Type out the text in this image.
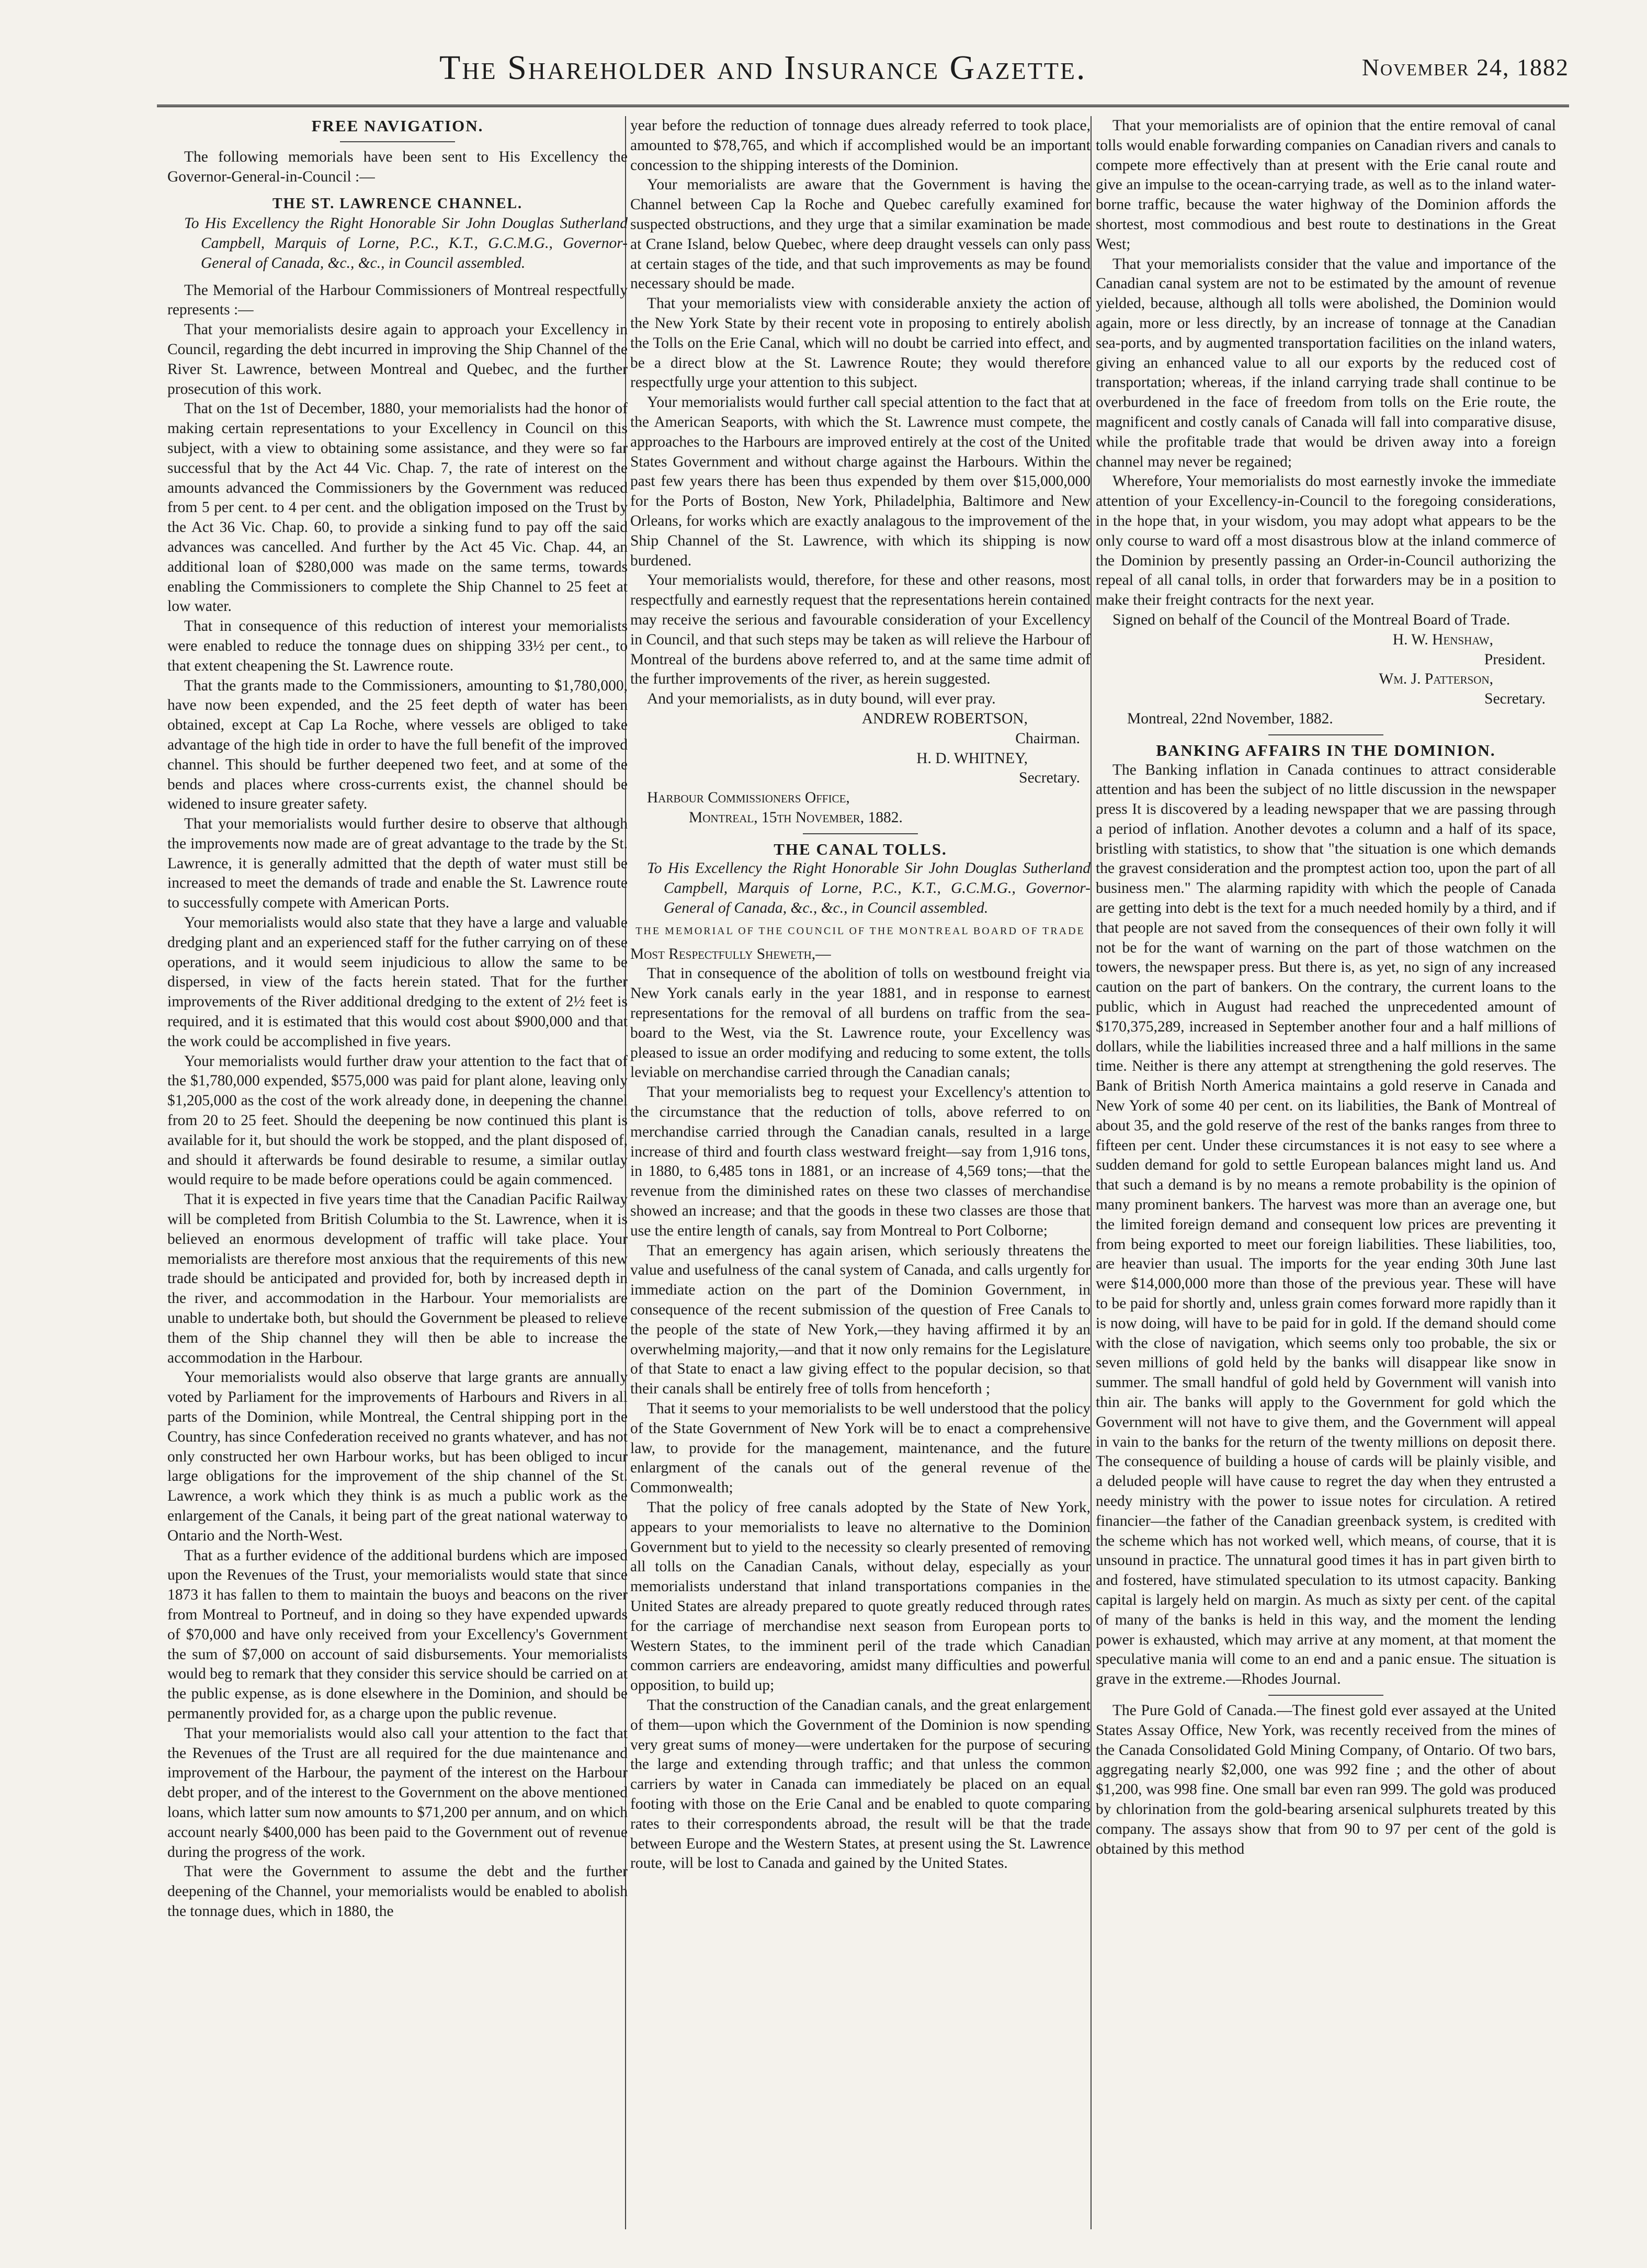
The Shareholder and Insurance Gazette.	November 24, 1882
FREE NAVIGATION.

The following memorials have been sent to His Excellency the Governor-General-in-Council :—

THE ST. LAWRENCE CHANNEL.

To His Excellency the Right Honorable Sir John Douglas Sutherland Campbell, Marquis of Lorne, P.C., K.T., G.C.M.G., Governor-General of Canada, &c., &c., in Council assembled.

The Memorial of the Harbour Commissioners of Montreal respectfully represents :—

That your memorialists desire again to approach your Excellency in Council, regarding the debt incurred in improving the Ship Channel of the River St. Lawrence, between Montreal and Quebec, and the further prosecution of this work.

That on the 1st of December, 1880, your memorialists had the honor of making certain representations to your Excellency in Council on this subject, with a view to obtaining some assistance, and they were so far successful that by the Act 44 Vic. Chap. 7, the rate of interest on the amounts advanced the Commissioners by the Government was reduced from 5 per cent. to 4 per cent. and the obligation imposed on the Trust by the Act 36 Vic. Chap. 60, to provide a sinking fund to pay off the said advances was cancelled. And further by the Act 45 Vic. Chap. 44, an additional loan of $280,000 was made on the same terms, towards enabling the Commissioners to complete the Ship Channel to 25 feet at low water.

That in consequence of this reduction of interest your memorialists were enabled to reduce the tonnage dues on shipping 33½ per cent., to that extent cheapening the St. Lawrence route.

That the grants made to the Commissioners, amounting to $1,780,000, have now been expended, and the 25 feet depth of water has been obtained, except at Cap La Roche, where vessels are obliged to take advantage of the high tide in order to have the full benefit of the improved channel. This should be further deepened two feet, and at some of the bends and places where cross-currents exist, the channel should be widened to insure greater safety.

That your memorialists would further desire to observe that although the improvements now made are of great advantage to the trade by the St. Lawrence, it is generally admitted that the depth of water must still be increased to meet the demands of trade and enable the St. Lawrence route to successfully compete with American Ports.

Your memorialists would also state that they have a large and valuable dredging plant and an experienced staff for the futher carrying on of these operations, and it would seem injudicious to allow the same to be dispersed, in view of the facts herein stated. That for the further improvements of the River additional dredging to the extent of 2½ feet is required, and it is estimated that this would cost about $900,000 and that the work could be accomplished in five years.

Your memorialists would further draw your attention to the fact that of the $1,780,000 expended, $575,000 was paid for plant alone, leaving only $1,205,000 as the cost of the work already done, in deepening the channel from 20 to 25 feet. Should the deepening be now continued this plant is available for it, but should the work be stopped, and the plant disposed of, and should it afterwards be found desirable to resume, a similar outlay would require to be made before operations could be again commenced.

That it is expected in five years time that the Canadian Pacific Railway will be completed from British Columbia to the St. Lawrence, when it is believed an enormous development of traffic will take place. Your memorialists are therefore most anxious that the requirements of this new trade should be anticipated and provided for, both by increased depth in the river, and accommodation in the Harbour. Your memorialists are unable to undertake both, but should the Government be pleased to relieve them of the Ship channel they will then be able to increase the accommodation in the Harbour.

Your memorialists would also observe that large grants are annually voted by Parliament for the improvements of Harbours and Rivers in all parts of the Dominion, while Montreal, the Central shipping port in the Country, has since Confederation received no grants whatever, and has not only constructed her own Harbour works, but has been obliged to incur large obligations for the improvement of the ship channel of the St. Lawrence, a work which they think is as much a public work as the enlargement of the Canals, it being part of the great national waterway to Ontario and the North-West.

That as a further evidence of the additional burdens which are imposed upon the Revenues of the Trust, your memorialists would state that since 1873 it has fallen to them to maintain the buoys and beacons on the river from Montreal to Portneuf, and in doing so they have expended upwards of $70,000 and have only received from your Excellency's Government the sum of $7,000 on account of said disbursements. Your memorialists would beg to remark that they consider this service should be carried on at the public expense, as is done elsewhere in the Dominion, and should be permanently provided for, as a charge upon the public revenue.

That your memorialists would also call your attention to the fact that the Revenues of the Trust are all required for the due maintenance and improvement of the Harbour, the payment of the interest on the Harbour debt proper, and of the interest to the Government on the above mentioned loans, which latter sum now amounts to $71,200 per annum, and on which account nearly $400,000 has been paid to the Government out of revenue during the progress of the work.

That were the Government to assume the debt and the further deepening of the Channel, your memorialists would be enabled to abolish the tonnage dues, which in 1880, the

year before the reduction of tonnage dues already referred to took place, amounted to $78,765, and which if accomplished would be an important concession to the shipping interests of the Dominion.

Your memorialists are aware that the Government is having the Channel between Cap la Roche and Quebec carefully examined for suspected obstructions, and they urge that a similar examination be made at Crane Island, below Quebec, where deep draught vessels can only pass at certain stages of the tide, and that such improvements as may be found necessary should be made.

That your memorialists view with considerable anxiety the action of the New York State by their recent vote in proposing to entirely abolish the Tolls on the Erie Canal, which will no doubt be carried into effect, and be a direct blow at the St. Lawrence Route; they would therefore respectfully urge your attention to this subject.

Your memorialists would further call special attention to the fact that at the American Seaports, with which the St. Lawrence must compete, the approaches to the Harbours are improved entirely at the cost of the United States Government and without charge against the Harbours. Within the past few years there has been thus expended by them over $15,000,000 for the Ports of Boston, New York, Philadelphia, Baltimore and New Orleans, for works which are exactly analagous to the improvement of the Ship Channel of the St. Lawrence, with which its shipping is now burdened.

Your memorialists would, therefore, for these and other reasons, most respectfully and earnestly request that the representations herein contained may receive the serious and favourable consideration of your Excellency in Council, and that such steps may be taken as will relieve the Harbour of Montreal of the burdens above referred to, and at the same time admit of the further improvements of the river, as herein suggested.

And your memorialists, as in duty bound, will ever pray.

ANDREW ROBERTSON,

Chairman.

H. D. WHITNEY,

Secretary.

Harbour Commissioners Office,

Montreal, 15th November, 1882.

THE CANAL TOLLS.

To His Excellency the Right Honorable Sir John Douglas Sutherland Campbell, Marquis of Lorne, P.C., K.T., G.C.M.G., Governor-General of Canada, &c., &c., in Council assembled.

THE MEMORIAL OF THE COUNCIL OF THE MONTREAL BOARD OF TRADE

Most Respectfully Sheweth,—

That in consequence of the abolition of tolls on westbound freight via New York canals early in the year 1881, and in response to earnest representations for the removal of all burdens on traffic from the sea-board to the West, via the St. Lawrence route, your Excellency was pleased to issue an order modifying and reducing to some extent, the tolls leviable on merchandise carried through the Canadian canals;

That your memorialists beg to request your Excellency's attention to the circumstance that the reduction of tolls, above referred to on merchandise carried through the Canadian canals, resulted in a large increase of third and fourth class westward freight—say from 1,916 tons, in 1880, to 6,485 tons in 1881, or an increase of 4,569 tons;—that the revenue from the diminished rates on these two classes of merchandise showed an increase; and that the goods in these two classes are those that use the entire length of canals, say from Montreal to Port Colborne;

That an emergency has again arisen, which seriously threatens the value and usefulness of the canal system of Canada, and calls urgently for immediate action on the part of the Dominion Government, in consequence of the recent submission of the question of Free Canals to the people of the state of New York,—they having affirmed it by an overwhelming majority,—and that it now only remains for the Legislature of that State to enact a law giving effect to the popular decision, so that their canals shall be entirely free of tolls from henceforth ;

That it seems to your memorialists to be well understood that the policy of the State Government of New York will be to enact a comprehensive law, to provide for the management, maintenance, and the future enlargment of the canals out of the general revenue of the Commonwealth;

That the policy of free canals adopted by the State of New York, appears to your memorialists to leave no alternative to the Dominion Government but to yield to the necessity so clearly presented of removing all tolls on the Canadian Canals, without delay, especially as your memorialists understand that inland transportations companies in the United States are already prepared to quote greatly reduced through rates for the carriage of merchandise next season from European ports to Western States, to the imminent peril of the trade which Canadian common carriers are endeavoring, amidst many difficulties and powerful opposition, to build up;

That the construction of the Canadian canals, and the great enlargement of them—upon which the Government of the Dominion is now spending very great sums of money—were undertaken for the purpose of securing the large and extending through traffic; and that unless the common carriers by water in Canada can immediately be placed on an equal footing with those on the Erie Canal and be enabled to quote comparing rates to their correspondents abroad, the result will be that the trade between Europe and the Western States, at present using the St. Lawrence route, will be lost to Canada and gained by the United States.

That your memorialists are of opinion that the entire removal of canal tolls would enable forwarding companies on Canadian rivers and canals to compete more effectively than at present with the Erie canal route and give an impulse to the ocean-carrying trade, as well as to the inland water-borne traffic, because the water highway of the Dominion affords the shortest, most commodious and best route to destinations in the Great West;

That your memorialists consider that the value and importance of the Canadian canal system are not to be estimated by the amount of revenue yielded, because, although all tolls were abolished, the Dominion would again, more or less directly, by an increase of tonnage at the Canadian sea-ports, and by augmented transportation facilities on the inland waters, giving an enhanced value to all our exports by the reduced cost of transportation; whereas, if the inland carrying trade shall continue to be overburdened in the face of freedom from tolls on the Erie route, the magnificent and costly canals of Canada will fall into comparative disuse, while the profitable trade that would be driven away into a foreign channel may never be regained;

Wherefore, Your memorialists do most earnestly invoke the immediate attention of your Excellency-in-Council to the foregoing considerations, in the hope that, in your wisdom, you may adopt what appears to be the only course to ward off a most disastrous blow at the inland commerce of the Dominion by presently passing an Order-in-Council authorizing the repeal of all canal tolls, in order that forwarders may be in a position to make their freight contracts for the next year.

Signed on behalf of the Council of the Montreal Board of Trade.

H. W. Henshaw,

President.

Wm. J. Patterson,

Secretary.

Montreal, 22nd November, 1882.

BANKING AFFAIRS IN THE DOMINION.

The Banking inflation in Canada continues to attract considerable attention and has been the subject of no little discussion in the newspaper press It is discovered by a leading newspaper that we are passing through a period of inflation. Another devotes a column and a half of its space, bristling with statistics, to show that "the situation is one which demands the gravest consideration and the promptest action too, upon the part of all business men." The alarming rapidity with which the people of Canada are getting into debt is the text for a much needed homily by a third, and if that people are not saved from the consequences of their own folly it will not be for the want of warning on the part of those watchmen on the towers, the newspaper press. But there is, as yet, no sign of any increased caution on the part of bankers. On the contrary, the current loans to the public, which in August had reached the unprecedented amount of $170,375,289, increased in September another four and a half millions of dollars, while the liabilities increased three and a half millions in the same time. Neither is there any attempt at strengthening the gold reserves. The Bank of British North America maintains a gold reserve in Canada and New York of some 40 per cent. on its liabilities, the Bank of Montreal of about 35, and the gold reserve of the rest of the banks ranges from three to fifteen per cent. Under these circumstances it is not easy to see where a sudden demand for gold to settle European balances might land us. And that such a demand is by no means a remote probability is the opinion of many prominent bankers. The harvest was more than an average one, but the limited foreign demand and consequent low prices are preventing it from being exported to meet our foreign liabilities. These liabilities, too, are heavier than usual. The imports for the year ending 30th June last were $14,000,000 more than those of the previous year. These will have to be paid for shortly and, unless grain comes forward more rapidly than it is now doing, will have to be paid for in gold. If the demand should come with the close of navigation, which seems only too probable, the six or seven millions of gold held by the banks will disappear like snow in summer. The small handful of gold held by Government will vanish into thin air. The banks will apply to the Government for gold which the Government will not have to give them, and the Government will appeal in vain to the banks for the return of the twenty millions on deposit there. The consequence of building a house of cards will be plainly visible, and a deluded people will have cause to regret the day when they entrusted a needy ministry with the power to issue notes for circulation. A retired financier—the father of the Canadian greenback system, is credited with the scheme which has not worked well, which means, of course, that it is unsound in practice. The unnatural good times it has in part given birth to and fostered, have stimulated speculation to its utmost capacity. Banking capital is largely held on margin. As much as sixty per cent. of the capital of many of the banks is held in this way, and the moment the lending power is exhausted, which may arrive at any moment, at that moment the speculative mania will come to an end and a panic ensue. The situation is grave in the extreme.—Rhodes Journal.

The Pure Gold of Canada.—The finest gold ever assayed at the United States Assay Office, New York, was recently received from the mines of the Canada Consolidated Gold Mining Company, of Ontario. Of two bars, aggregating nearly $2,000, one was 992 fine ; and the other of about $1,200, was 998 fine. One small bar even ran 999. The gold was produced by chlorination from the gold-bearing arsenical sulphurets treated by this company. The assays show that from 90 to 97 per cent of the gold is obtained by this method
